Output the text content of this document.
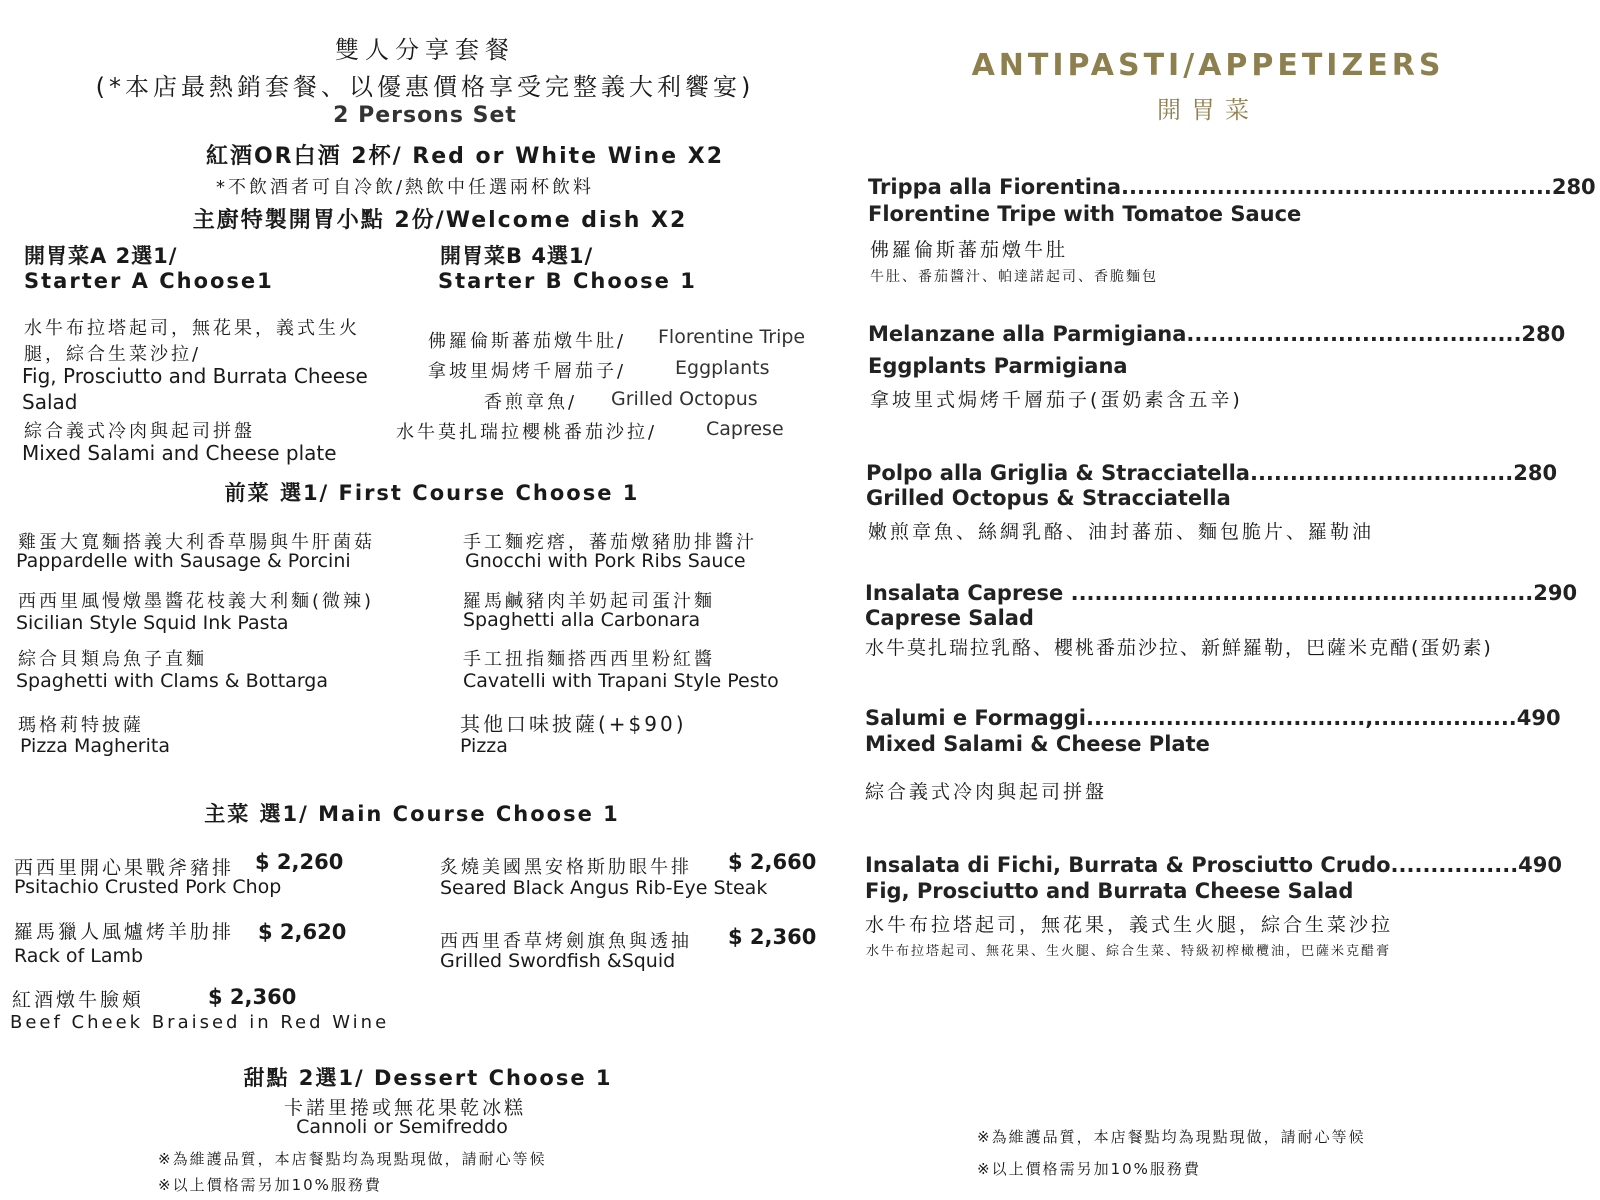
雙人分享套餐
(*本店最熱銷套餐、以優惠價格享受完整義大利饗宴)
2 Persons Set
紅酒OR白酒 2杯/ Red or White Wine X2
*不飲酒者可自冷飲/熱飲中任選兩杯飲料
主廚特製開胃小點 2份/Welcome dish X2
開胃菜A 2選1/
Starter A Choose1
水牛布拉塔起司，無花果，義式生火
腿，綜合生菜沙拉/
Fig, Prosciutto and Burrata Cheese
Salad
綜合義式冷肉與起司拼盤
Mixed Salami and Cheese plate
開胃菜B 4選1/
Starter B Choose 1
佛羅倫斯蕃茄燉牛肚/ Florentine Tripe
拿坡里焗烤千層茄子/	Eggplants
香煎章魚/ Grilled Octopus
水牛莫扎瑞拉櫻桃番茄沙拉/	Caprese
前菜 選1/ First Course Choose 1
雞蛋大寬麵搭義大利香草腸與牛肝菌菇
Pappardelle with Sausage & Porcini
手工麵疙瘩，蕃茄燉豬肋排醬汁
Gnocchi with Pork Ribs Sauce
西西里風慢燉墨醬花枝義大利麵(微辣)
Sicilian Style Squid Ink Pasta
羅馬鹹豬肉羊奶起司蛋汁麵
Spaghetti alla Carbonara
綜合貝類烏魚子直麵
Spaghetti with Clams & Bottarga
手工扭指麵搭西西里粉紅醬
Cavatelli with Trapani Style Pesto
瑪格莉特披薩
Pizza Magherita
其他口味披薩(+$90)
Pizza
主菜 選1/ Main Course Choose 1
西西里開心果戰斧豬排 $ 2,260
Psitachio Crusted Pork Chop
炙燒美國黑安格斯肋眼牛排 $ 2,660
Seared Black Angus Rib-Eye Steak
羅馬獵人風爐烤羊肋排 $ 2,620
Rack of Lamb
西西里香草烤劍旗魚與透抽 $ 2,360
Grilled Swordfish &Squid
紅酒燉牛臉頰	$ 2,360
Beef Cheek Braised in Red Wine
甜點 2選1/ Dessert Choose 1
卡諾里捲或無花果乾冰糕
Cannoli or Semifreddo
※為維護品質，本店餐點均為現點現做，請耐心等候
※以上價格需另加10%服務費
ANTIPASTI/APPETIZERS
開胃菜
Trippa alla Fiorentina......................................................280
Florentine Tripe with Tomatoe Sauce
佛羅倫斯蕃茄燉牛肚
牛肚、番茄醬汁、帕達諾起司、香脆麵包
Melanzane alla Parmigiana..........................................280
Eggplants Parmigiana
拿坡里式焗烤千層茄子(蛋奶素含五辛)
Polpo alla Griglia & Stracciatella.................................280
Grilled Octopus & Stracciatella
嫩煎章魚、絲綢乳酪、油封蕃茄、麵包脆片、羅勒油
Insalata Caprese ..........................................................290
Caprese Salad
水牛莫扎瑞拉乳酪、櫻桃番茄沙拉、新鮮羅勒，巴薩米克醋(蛋奶素)
Salumi e Formaggi...................................,..................490
Mixed Salami & Cheese Plate
綜合義式冷肉與起司拼盤
Insalata di Fichi, Burrata & Prosciutto Crudo................490
Fig, Prosciutto and Burrata Cheese Salad
水牛布拉塔起司，無花果，義式生火腿，綜合生菜沙拉
水牛布拉塔起司、無花果、生火腿、綜合生菜、特級初榨橄欖油，巴薩米克醋膏
※為維護品質，本店餐點均為現點現做，請耐心等候
※以上價格需另加10%服務費
